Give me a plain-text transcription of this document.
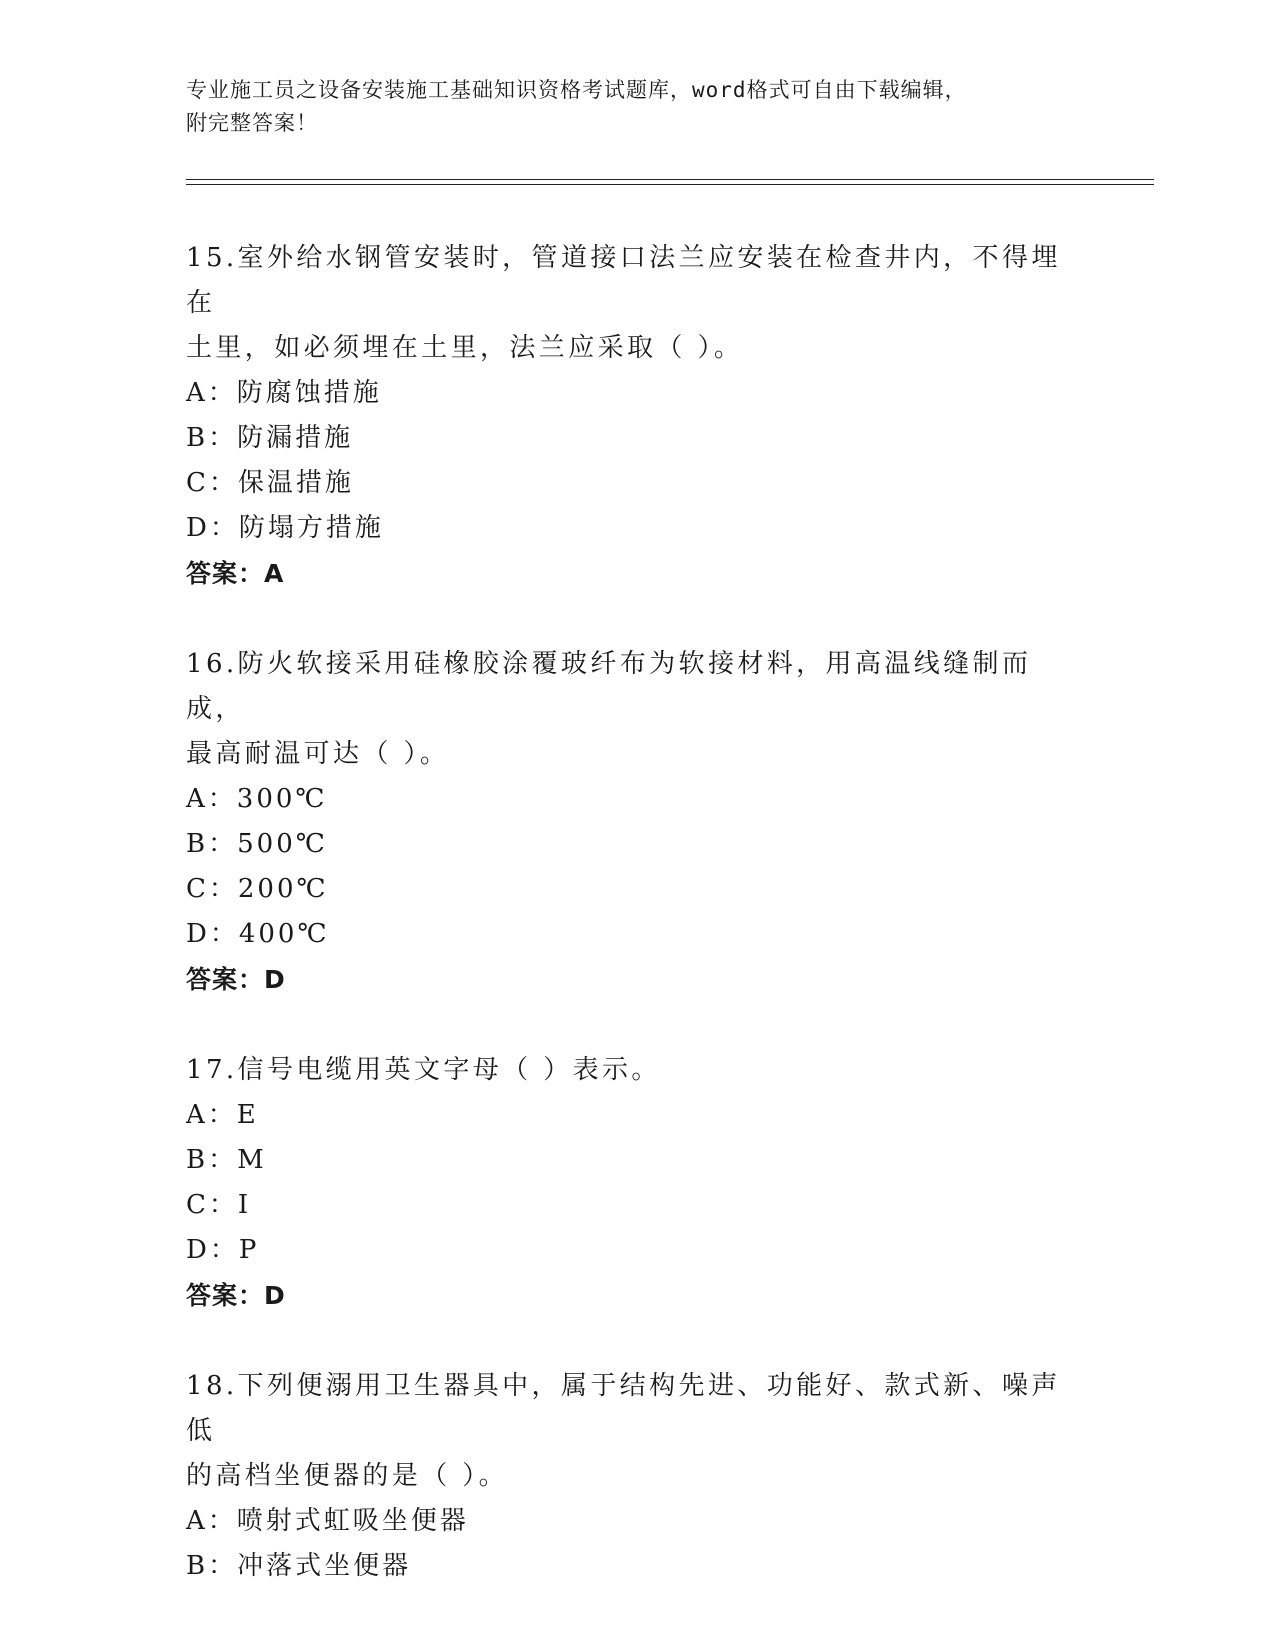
专业施工员之设备安装施工基础知识资格考试题库，word格式可自由下载编辑，
附完整答案！

15.室外给水钢管安装时，管道接口法兰应安装在检查井内，不得埋在

土里，如必须埋在土里，法兰应采取（ ）。

A：防腐蚀措施

B：防漏措施

C：保温措施

D：防塌方措施

答案：A

16.防火软接采用硅橡胶涂覆玻纤布为软接材料，用高温线缝制而成，

最高耐温可达（ ）。

A：300℃

B：500℃

C：200℃

D：400℃

答案：D

17.信号电缆用英文字母（ ）表示。

A：E

B：M

C：I

D：P

答案：D

18.下列便溺用卫生器具中，属于结构先进、功能好、款式新、噪声低

的高档坐便器的是（ ）。

A：喷射式虹吸坐便器

B：冲落式坐便器
